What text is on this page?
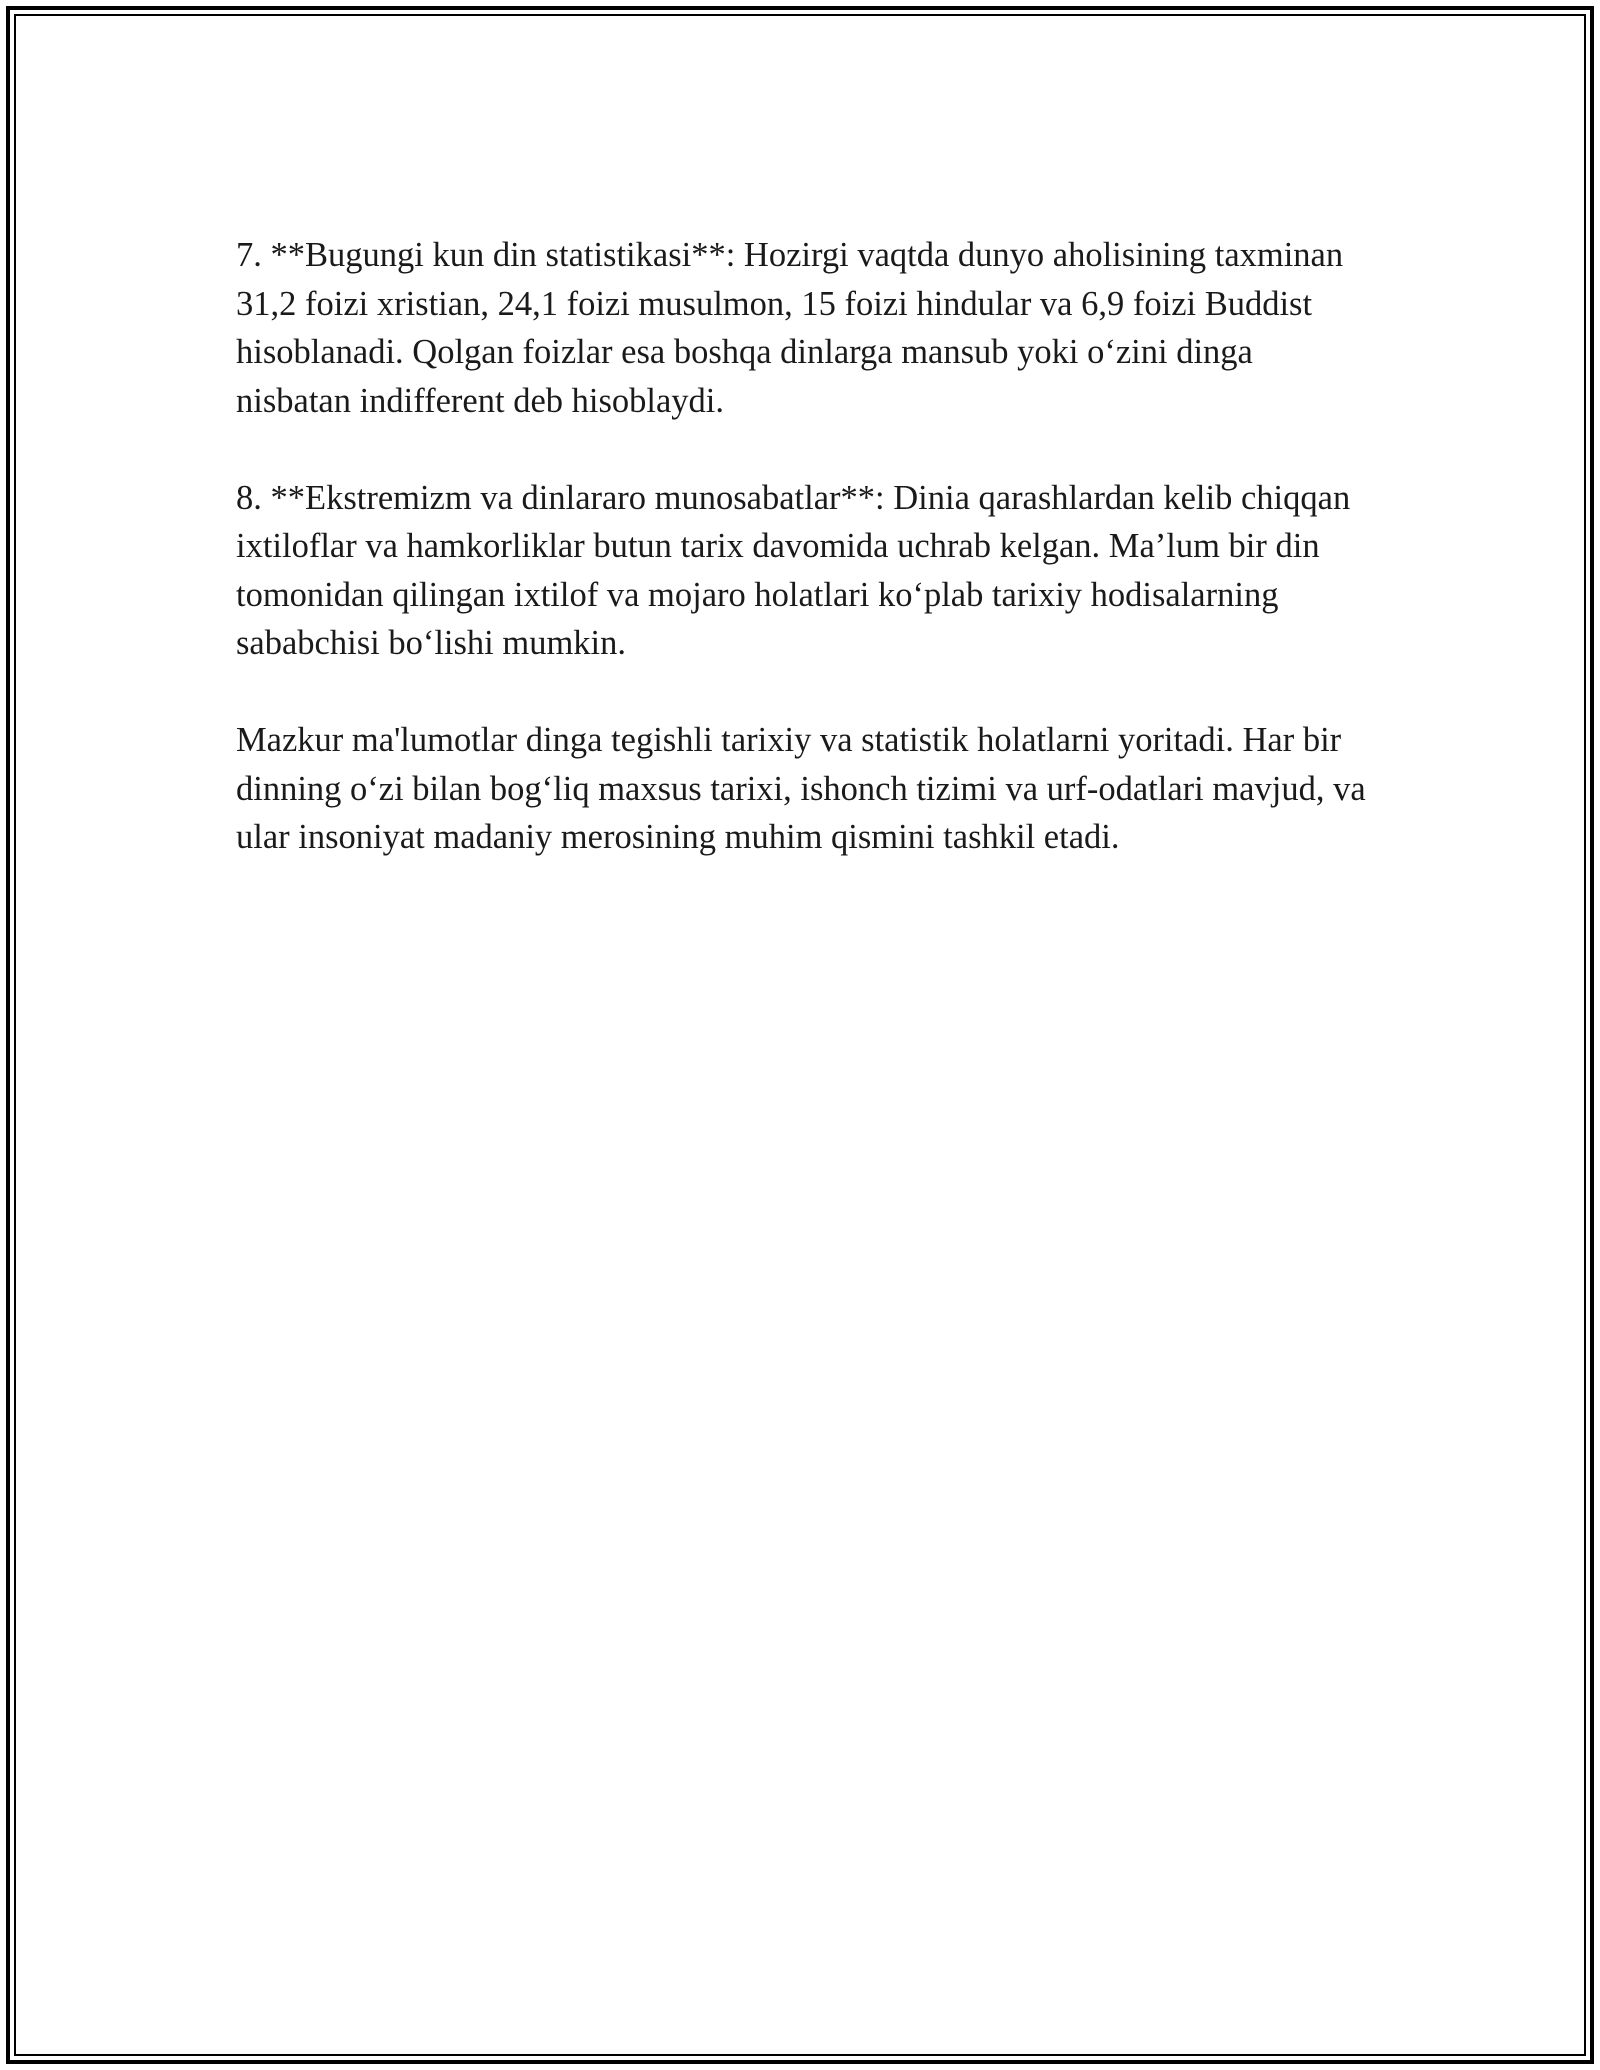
7. **Bugungi kun din statistikasi**: Hozirgi vaqtda dunyo aholisining taxminan 31,2 foizi xristian, 24,1 foizi musulmon, 15 foizi hindular va 6,9 foizi Buddist hisoblanadi. Qolgan foizlar esa boshqa dinlarga mansub yoki o‘zini dinga nisbatan indifferent deb hisoblaydi.

8. **Ekstremizm va dinlararo munosabatlar**: Dinia qarashlardan kelib chiqqan ixtiloflar va hamkorliklar butun tarix davomida uchrab kelgan. Ma’lum bir din tomonidan qilingan ixtilof va mojaro holatlari ko‘plab tarixiy hodisalarning sababchisi bo‘lishi mumkin.

Mazkur ma'lumotlar dinga tegishli tarixiy va statistik holatlarni yoritadi. Har bir dinning o‘zi bilan bog‘liq maxsus tarixi, ishonch tizimi va urf-odatlari mavjud, va ular insoniyat madaniy merosining muhim qismini tashkil etadi.
